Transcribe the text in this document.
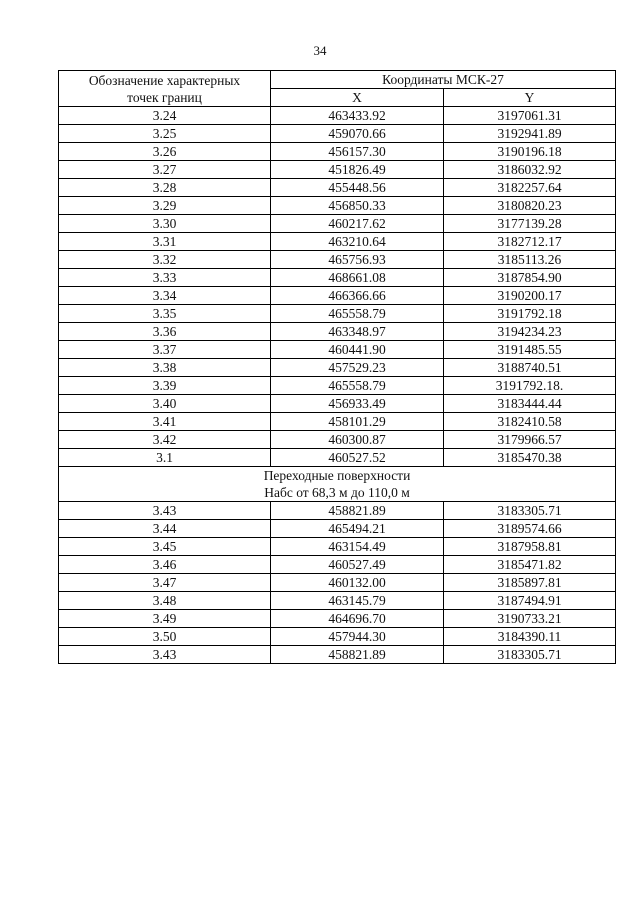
34
Обозначение характерных
точек границ	Координаты МСК-27	
	X	Y
3.24	463433.92	3197061.31
3.25	459070.66	3192941.89
3.26	456157.30	3190196.18
3.27	451826.49	3186032.92
3.28	455448.56	3182257.64
3.29	456850.33	3180820.23
3.30	460217.62	3177139.28
3.31	463210.64	3182712.17
3.32	465756.93	3185113.26
3.33	468661.08	3187854.90
3.34	466366.66	3190200.17
3.35	465558.79	3191792.18
3.36	463348.97	3194234.23
3.37	460441.90	3191485.55
3.38	457529.23	3188740.51
3.39	465558.79	3191792.18.
3.40	456933.49	3183444.44
3.41	458101.29	3182410.58
3.42	460300.87	3179966.57
3.1	460527.52	3185470.38
Переходные поверхности
Набс от 68,3 м до 110,0 м		
3.43	458821.89	3183305.71
3.44	465494.21	3189574.66
3.45	463154.49	3187958.81
3.46	460527.49	3185471.82
3.47	460132.00	3185897.81
3.48	463145.79	3187494.91
3.49	464696.70	3190733.21
3.50	457944.30	3184390.11
3.43	458821.89	3183305.71
